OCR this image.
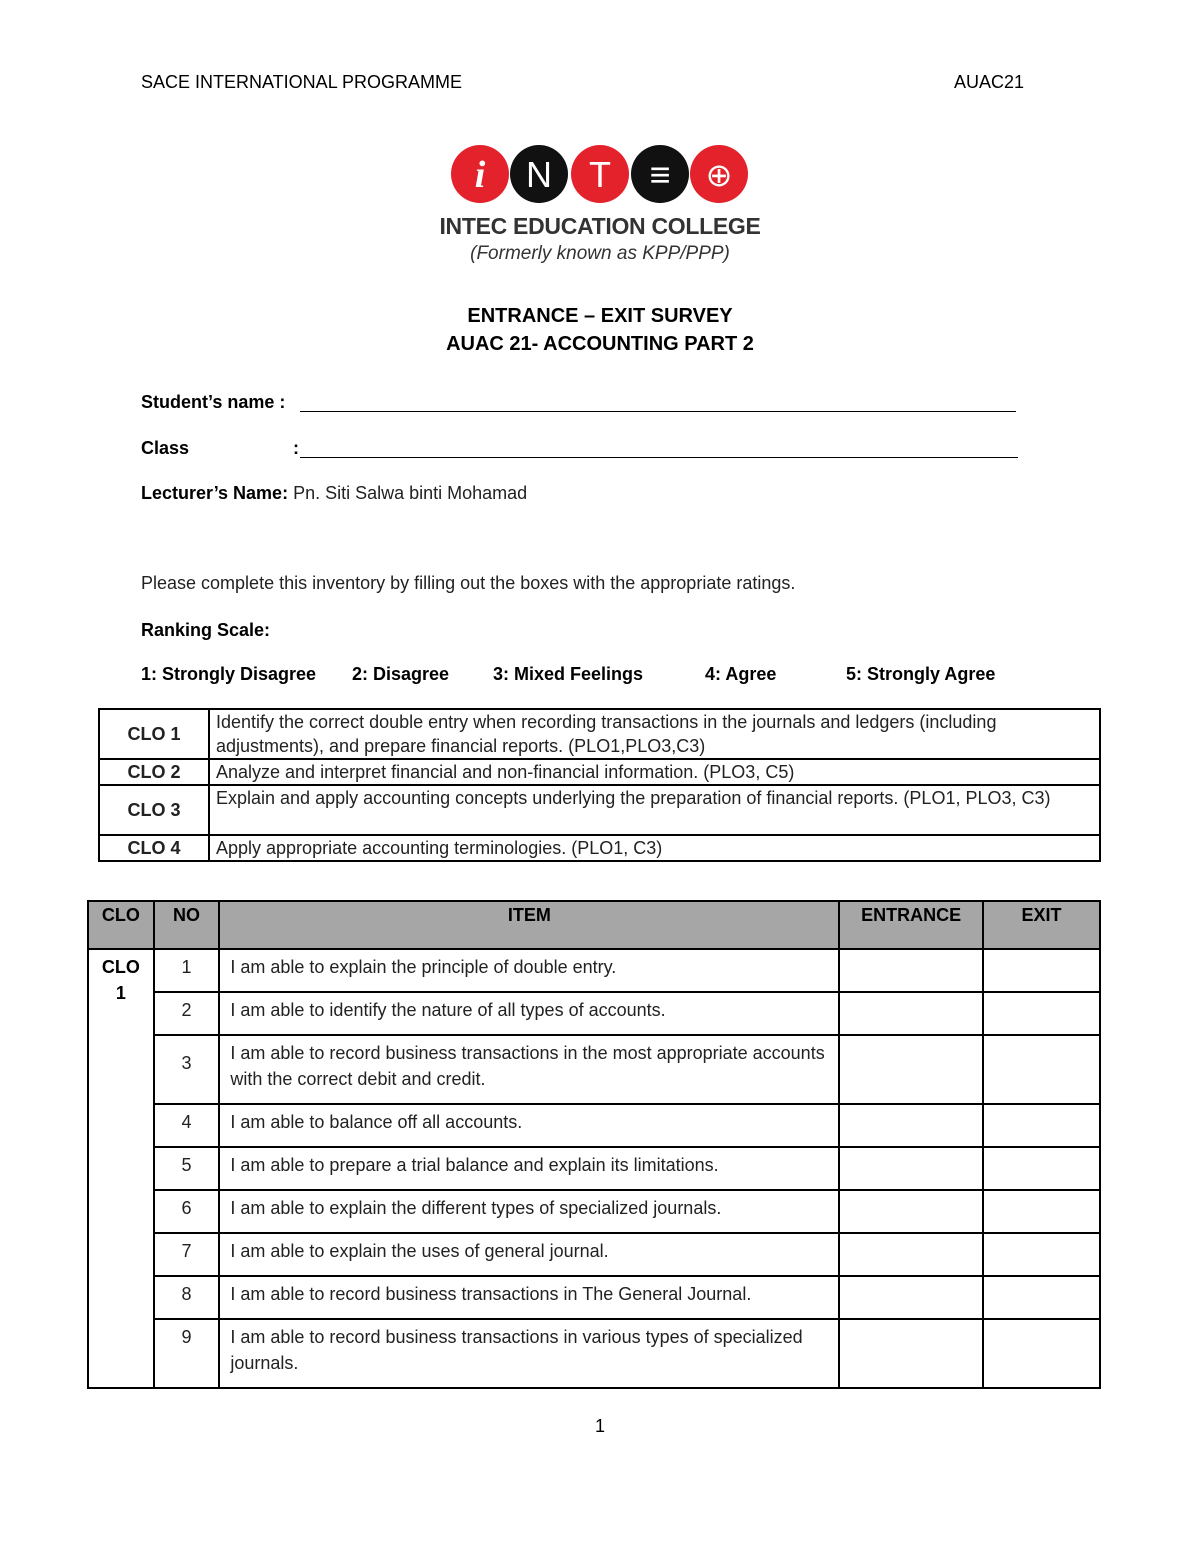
SACE INTERNATIONAL PROGRAMME	AUAC21
i N T ≡ ⊕
INTEC EDUCATION COLLEGE
(Formerly known as KPP/PPP)
ENTRANCE – EXIT SURVEY
AUAC 21- ACCOUNTING PART 2
Student’s name :
Class	:
Lecturer’s Name: Pn. Siti Salwa binti Mohamad
Please complete this inventory by filling out the boxes with the appropriate ratings.
Ranking Scale:
1: Strongly Disagree 2: Disagree 3: Mixed Feelings	4: Agree	5: Strongly Agree
CLO 1	Identify the correct double entry when recording transactions in the journals and ledgers (including adjustments), and prepare financial reports. (PLO1,PLO3,C3)
CLO 2	Analyze and interpret financial and non-financial information. (PLO3, C5)
CLO 3	Explain and apply accounting concepts underlying the preparation of financial reports. (PLO1, PLO3, C3)
CLO 4	Apply appropriate accounting terminologies. (PLO1, C3)
CLO	NO	ITEM	ENTRANCE	EXIT
CLO 1	1	I am able to explain the principle of double entry.		
	2	I am able to identify the nature of all types of accounts.		
	3	I am able to record business transactions in the most appropriate accounts with the correct debit and credit.		
	4	I am able to balance off all accounts.		
	5	I am able to prepare a trial balance and explain its limitations.		
	6	I am able to explain the different types of specialized journals.		
	7	I am able to explain the uses of general journal.		
	8	I am able to record business transactions in The General Journal.		
	9	I am able to record business transactions in various types of specialized journals.		
1
